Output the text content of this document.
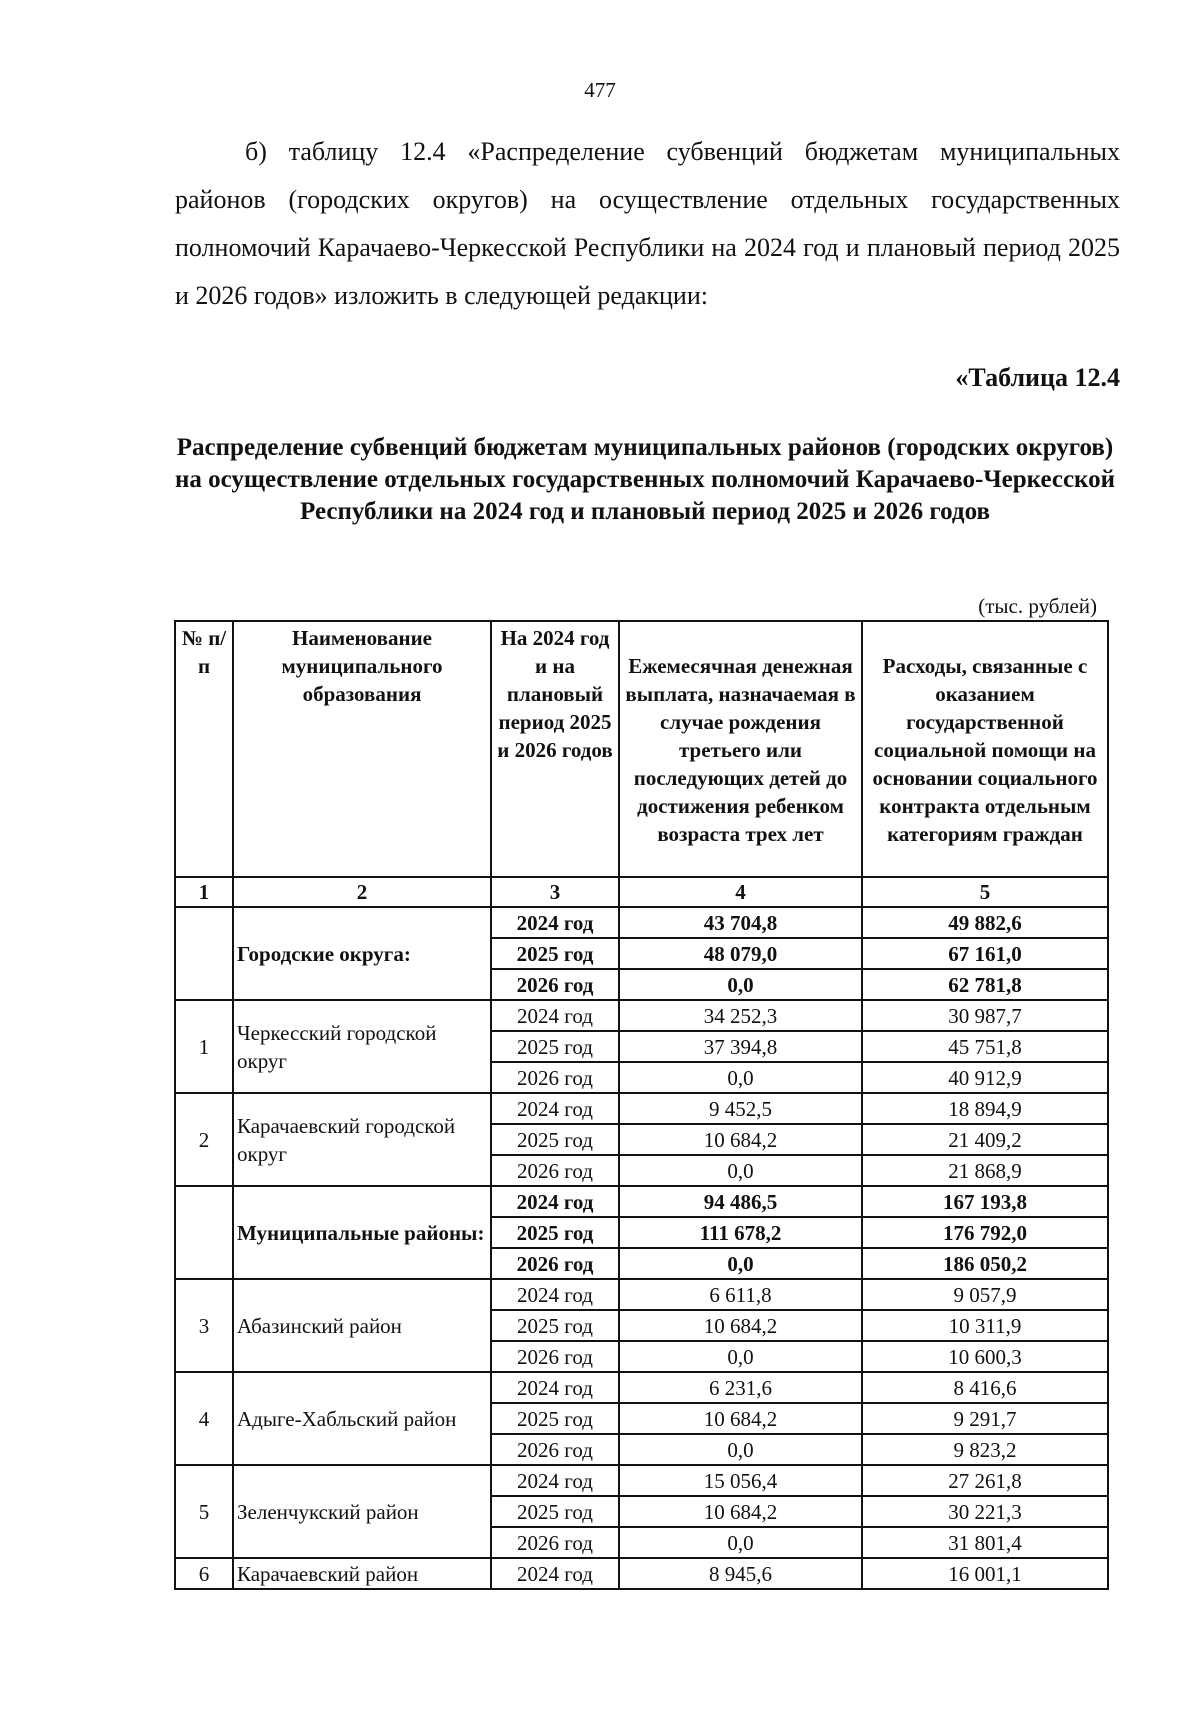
477

б) таблицу 12.4 «Распределение субвенций бюджетам муниципальных районов (городских округов) на осуществление отдельных государственных полномочий Карачаево-Черкесской Республики на 2024 год и плановый период 2025 и 2026 годов» изложить в следующей редакции:

«Таблица 12.4

Распределение субвенций бюджетам муниципальных районов (городских округов) на осуществление отдельных государственных полномочий Карачаево-Черкесской Республики на 2024 год и плановый период 2025 и 2026 годов

(тыс. рублей)
№ п/п	Наименование муниципального образования	На 2024 год и на плановый период 2025 и 2026 годов	Ежемесячная денежная выплата, назначаемая в случае рождения третьего или последующих детей до достижения ребенком возраста трех лет	Расходы, связанные с оказанием государственной социальной помощи на основании социального контракта отдельным категориям граждан
1	2	3	4	5
	Городские округа:	2024 год	43 704,8	49 882,6
		2025 год	48 079,0	67 161,0
		2026 год	0,0	62 781,8
1	Черкесский городской округ	2024 год	34 252,3	30 987,7
		2025 год	37 394,8	45 751,8
		2026 год	0,0	40 912,9
2	Карачаевский городской округ	2024 год	9 452,5	18 894,9
		2025 год	10 684,2	21 409,2
		2026 год	0,0	21 868,9
	Муниципальные районы:	2024 год	94 486,5	167 193,8
		2025 год	111 678,2	176 792,0
		2026 год	0,0	186 050,2
3	Абазинский район	2024 год	6 611,8	9 057,9
		2025 год	10 684,2	10 311,9
		2026 год	0,0	10 600,3
4	Адыге-Хабльский район	2024 год	6 231,6	8 416,6
		2025 год	10 684,2	9 291,7
		2026 год	0,0	9 823,2
5	Зеленчукский район	2024 год	15 056,4	27 261,8
		2025 год	10 684,2	30 221,3
		2026 год	0,0	31 801,4
6	Карачаевский район	2024 год	8 945,6	16 001,1
